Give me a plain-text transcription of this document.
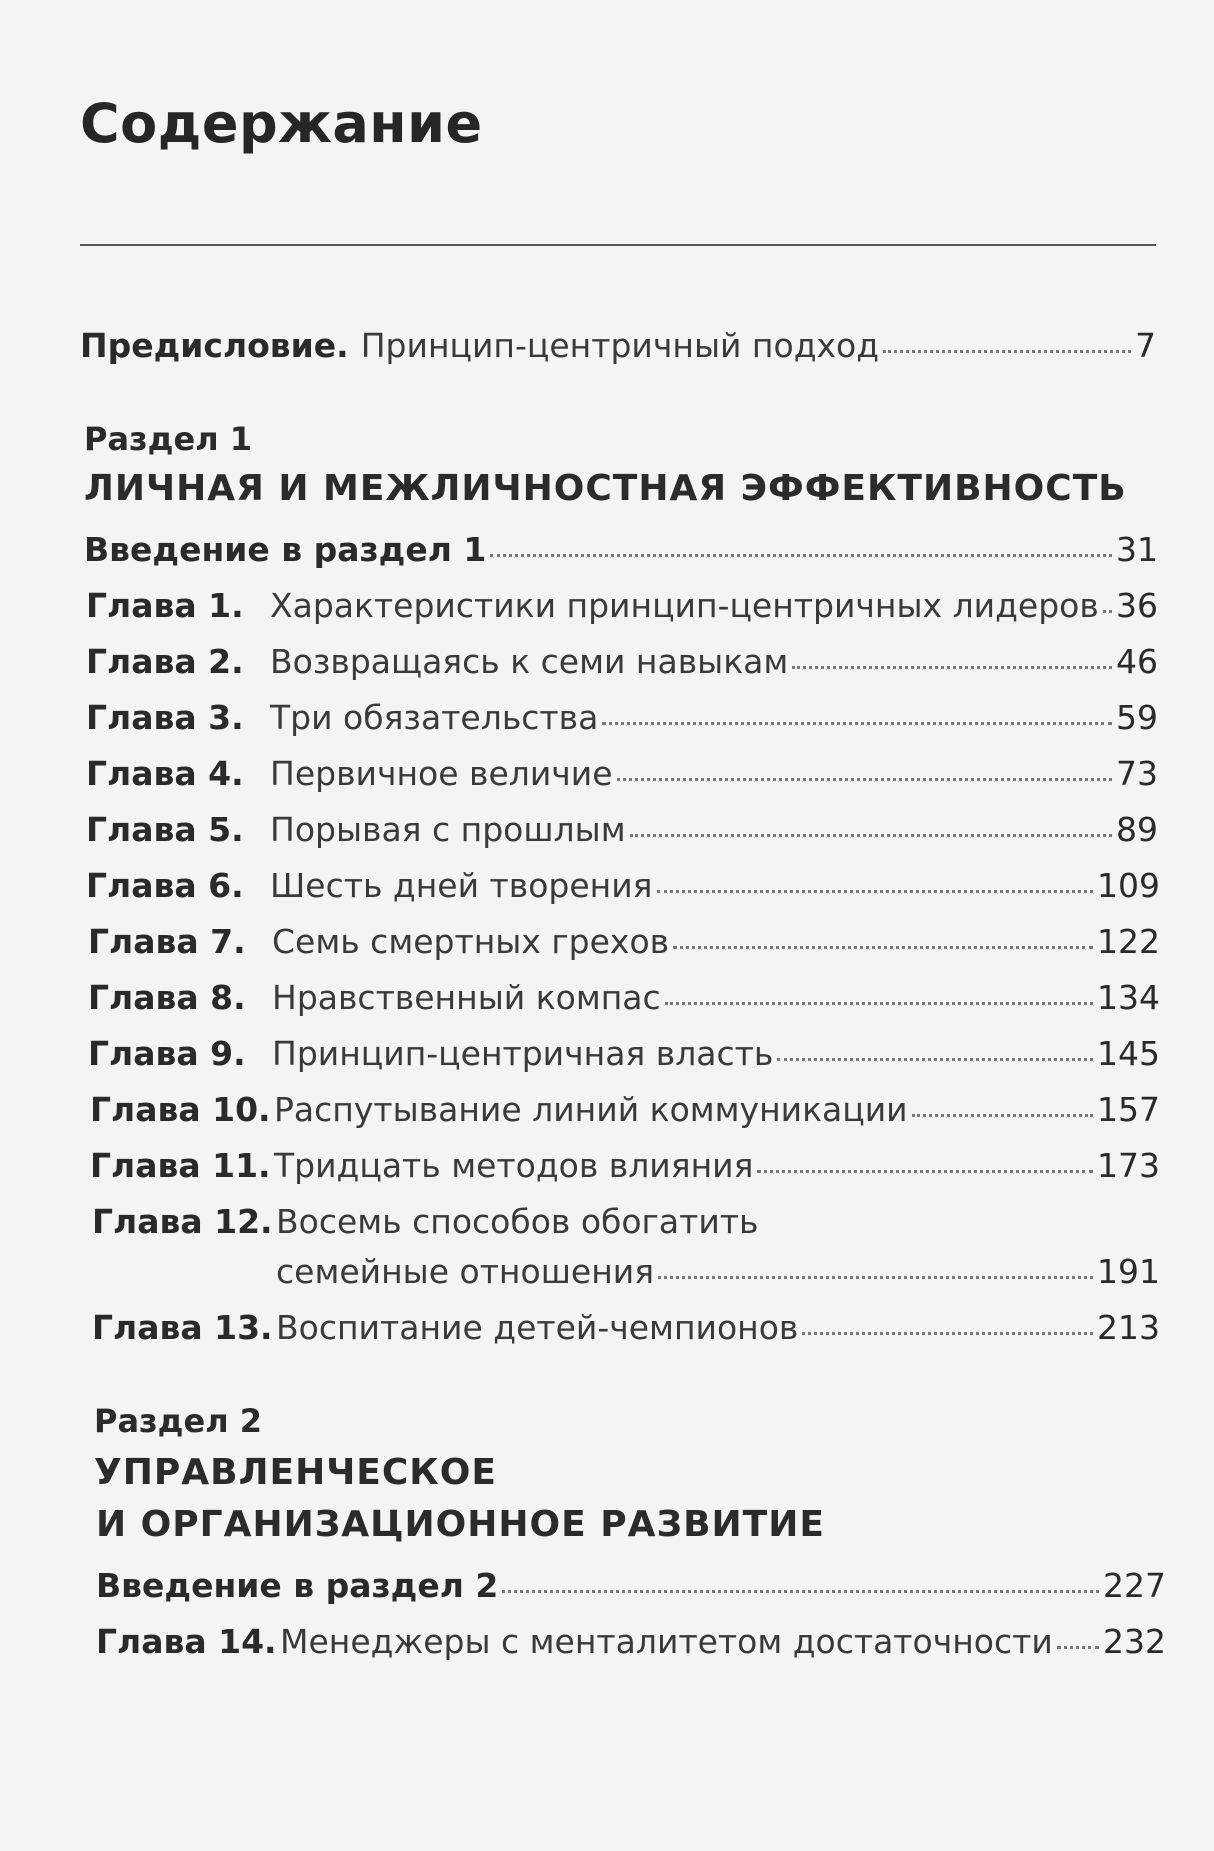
Содержание
Предисловие. Принцип-центричный подход	7
Раздел 1
ЛИЧНАЯ И МЕЖЛИЧНОСТНАЯ ЭФФЕКТИВНОСТЬ
Введение в раздел 1	31
Глава 1. Характеристики принцип-центричных лидеров 36
Глава 2. Возвращаясь к семи навыкам	46
Глава 3. Три обязательства	59
Глава 4. Первичное величие	73
Глава 5. Порывая с прошлым	89
Глава 6. Шесть дней творения	109
Глава 7. Семь смертных грехов	122
Глава 8. Нравственный компас	134
Глава 9. Принцип-центричная власть	145
Глава 10. Распутывание линий коммуникации	157
Глава 11. Тридцать методов влияния	173
Глава 12. Восемь способов обогатить
семейные отношения	191
Глава 13. Воспитание детей-чемпионов	213
Раздел 2
УПРАВЛЕНЧЕСКОЕ
И ОРГАНИЗАЦИОННОЕ РАЗВИТИЕ
Введение в раздел 2	227
Глава 14. Менеджеры с менталитетом достаточности 232
